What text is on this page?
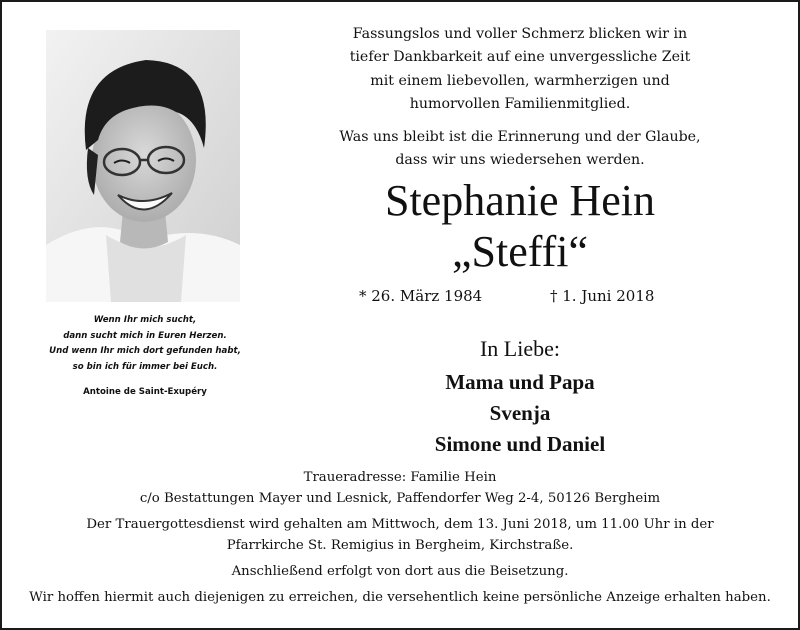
Wenn Ihr mich sucht,
dann sucht mich in Euren Herzen.
Und wenn Ihr mich dort gefunden habt,
so bin ich für immer bei Euch.
Antoine de Saint-Exupéry

Fassungslos und voller Schmerz blicken wir in

tiefer Dankbarkeit auf eine unvergessliche Zeit

mit einem liebevollen, warmherzigen und

humorvollen Familienmitglied.

Was uns bleibt ist die Erinnerung und der Glaube,

dass wir uns wiedersehen werden.

Stephanie Hein
„Steffi“
* 26. März 1984	† 1. Juni 2018
In Liebe:
Mama und Papa
Svenja
Simone und Daniel
Traueradresse: Familie Hein
c/o Bestattungen Mayer und Lesnick, Paffendorfer Weg 2-4, 50126 Bergheim
Der Trauergottesdienst wird gehalten am Mittwoch, dem 13. Juni 2018, um 11.00 Uhr in der
Pfarrkirche St. Remigius in Bergheim, Kirchstraße.
Anschließend erfolgt von dort aus die Beisetzung.
Wir hoffen hiermit auch diejenigen zu erreichen, die versehentlich keine persönliche Anzeige erhalten haben.
